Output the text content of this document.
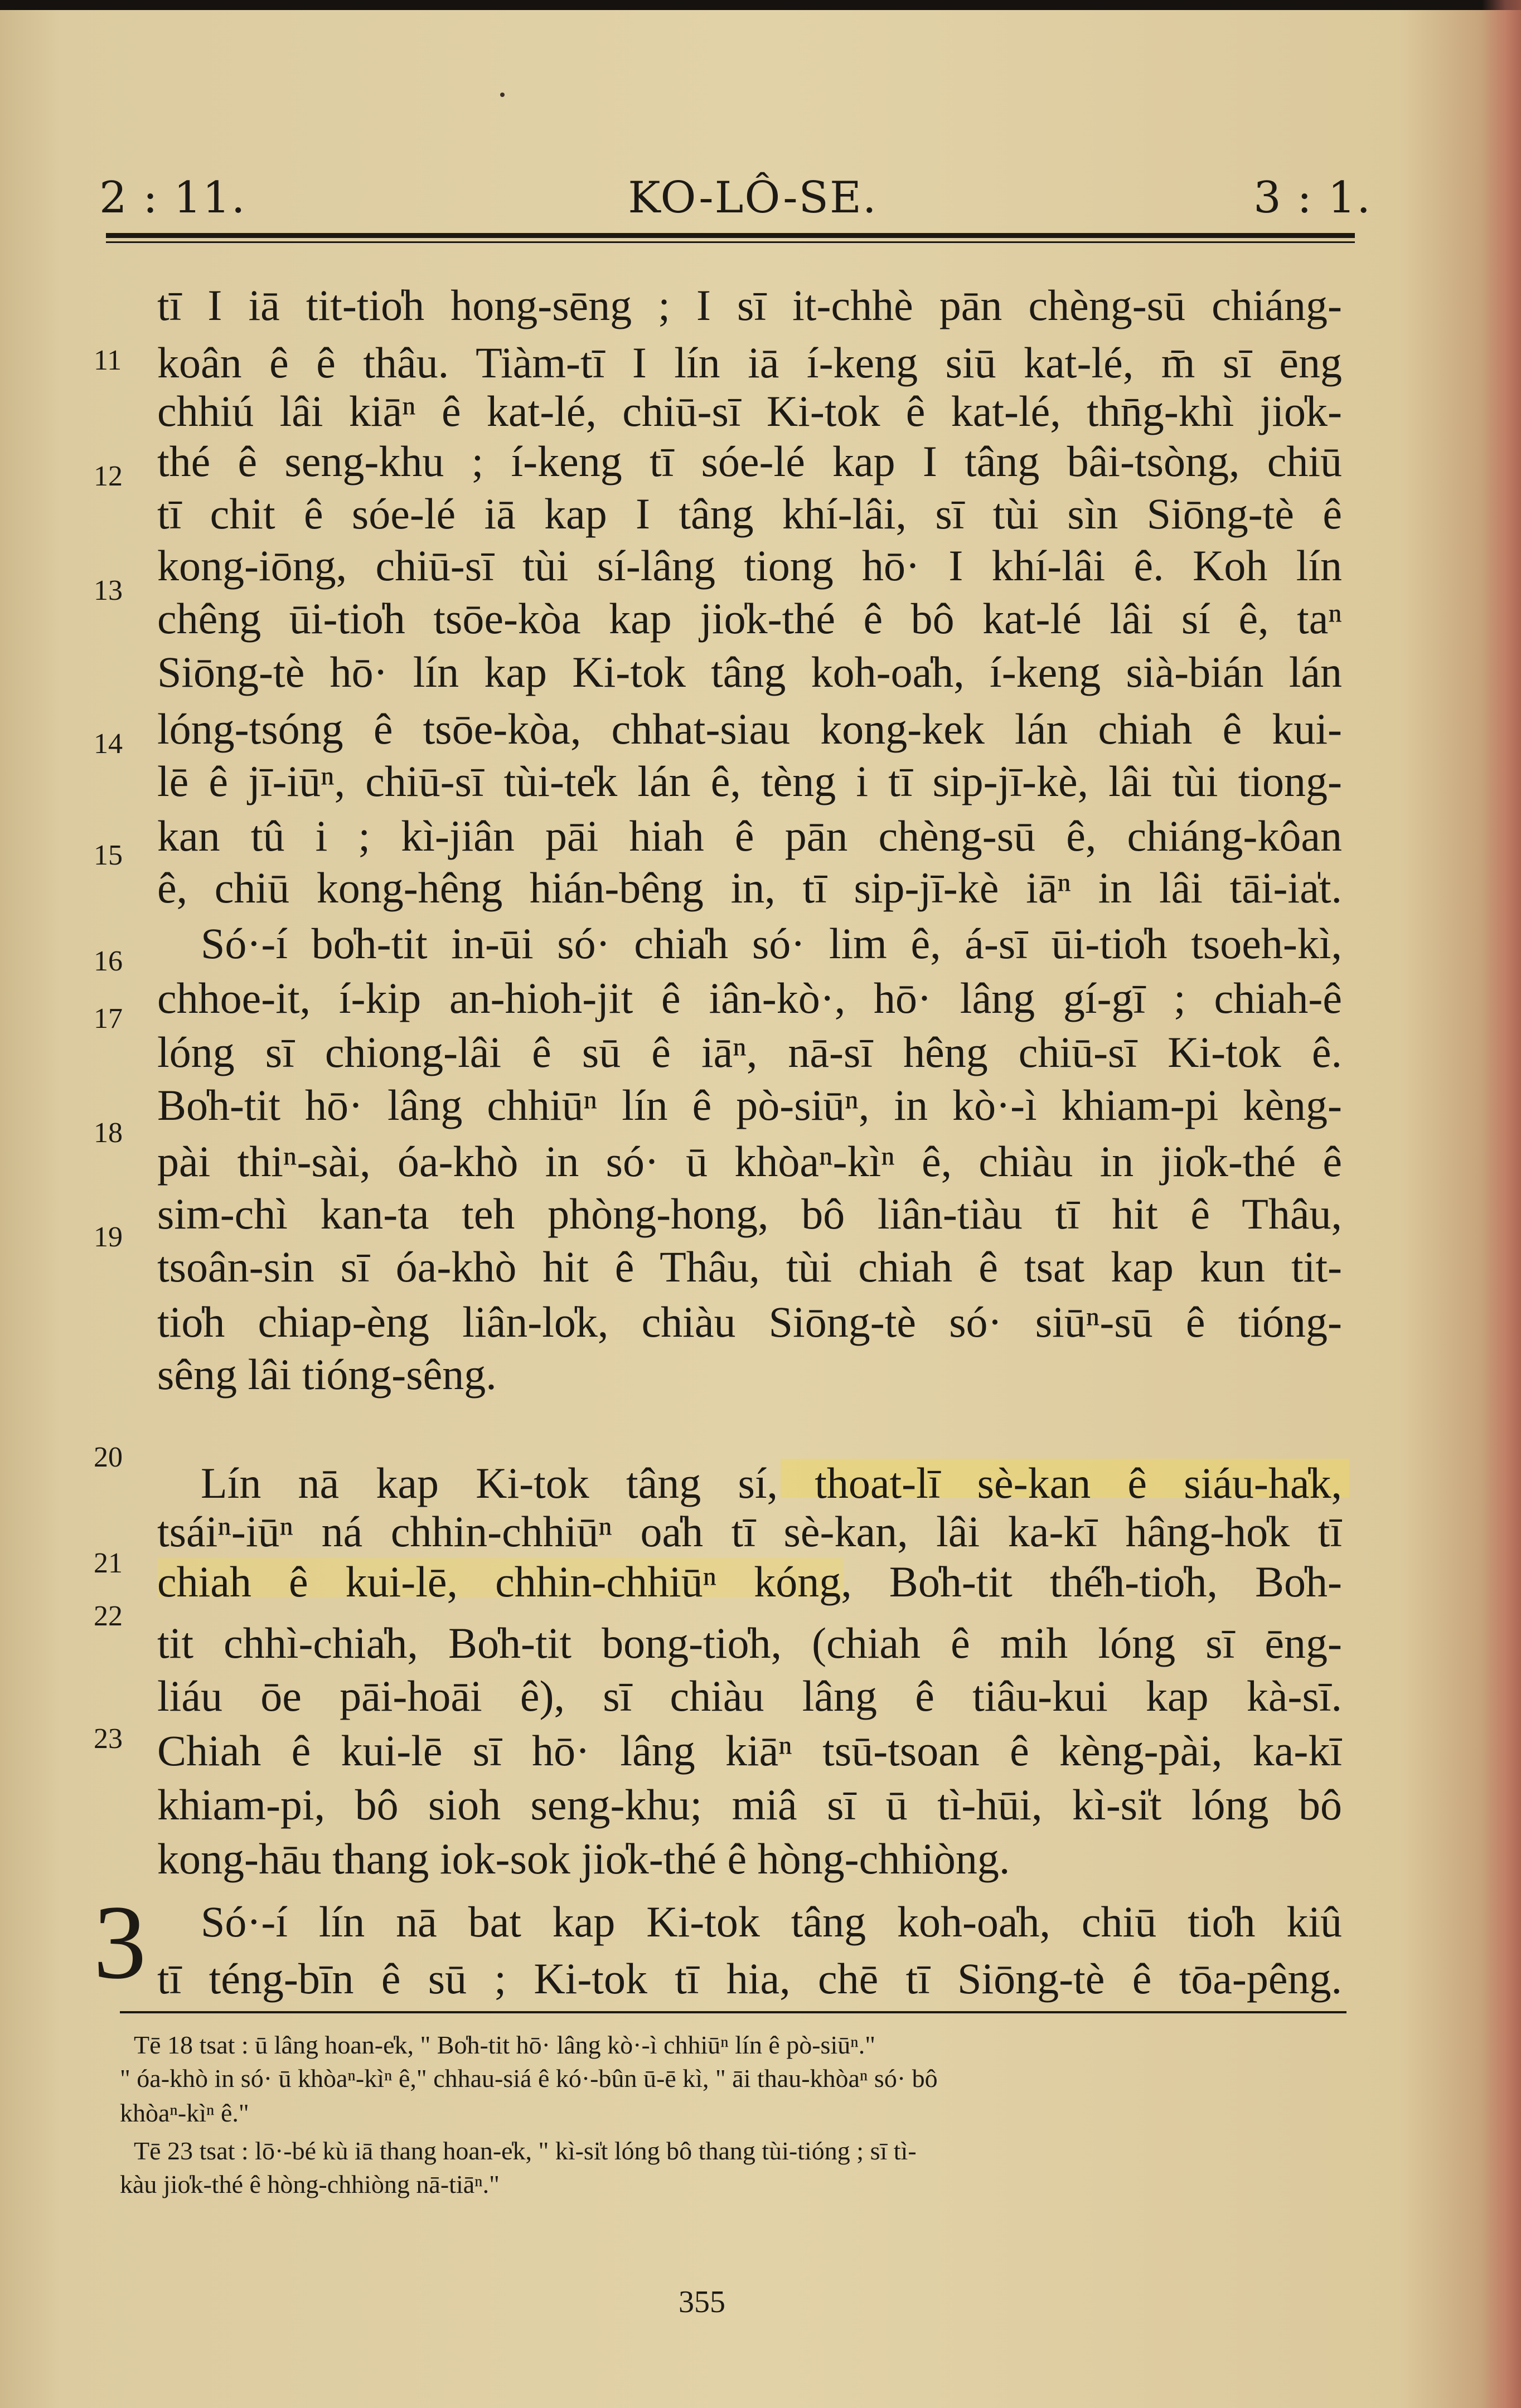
2 : 11.	KO-LÔ-SE.	3 : 1.
tī I iā tit-tio̍h hong-sēng ; I sī it-chhè pān chèng-sū chiáng-
koân ê ê thâu. Tiàm-tī I lín iā í-keng siū kat-lé, m̄ sī ēng
chhiú lâi kiāⁿ ê kat-lé, chiū-sī Ki-tok ê kat-lé, thn̄g-khì jio̍k-
thé ê seng-khu ; í-keng tī sóe-lé kap I tâng bâi-tsòng, chiū
tī chit ê sóe-lé iā kap I tâng khí-lâi, sī tùi sìn Siōng-tè ê
kong-iōng, chiū-sī tùi sí-lâng tiong hō· I khí-lâi ê. Koh lín
chêng ūi-tio̍h tsōe-kòa kap jio̍k-thé ê bô kat-lé lâi sí ê, taⁿ
Siōng-tè hō· lín kap Ki-tok tâng koh-oa̍h, í-keng sià-bián lán
lóng-tsóng ê tsōe-kòa, chhat-siau kong-kek lán chiah ê kui-
lē ê jī-iūⁿ, chiū-sī tùi-te̍k lán ê, tèng i tī sip-jī-kè, lâi tùi tiong-
kan tû i ; kì-jiân pāi hiah ê pān chèng-sū ê, chiáng-kôan
ê, chiū kong-hêng hián-bêng in, tī sip-jī-kè iāⁿ in lâi tāi-ia̍t.
Só·-í bo̍h-tit in-ūi só· chia̍h só· lim ê, á-sī ūi-tio̍h tsoeh-kì,
chhoe-it, í-kip an-hioh-jit ê iân-kò·, hō· lâng gí-gī ; chiah-ê
lóng sī chiong-lâi ê sū ê iāⁿ, nā-sī hêng chiū-sī Ki-tok ê.
Bo̍h-tit hō· lâng chhiūⁿ lín ê pò-siūⁿ, in kò·-ì khiam-pi kèng-
pài thiⁿ-sài, óa-khò in só· ū khòaⁿ-kìⁿ ê, chiàu in jio̍k-thé ê
sim-chì kan-ta teh phòng-hong, bô liân-tiàu tī hit ê Thâu,
tsoân-sin sī óa-khò hit ê Thâu, tùi chiah ê tsat kap kun tit-
tio̍h chiap-èng liân-lo̍k, chiàu Siōng-tè só· siūⁿ-sū ê tióng-
sêng lâi tióng-sêng.
Lín nā kap Ki-tok tâng sí, thoat-lī sè-kan ê siáu-ha̍k,
tsáiⁿ-iūⁿ ná chhin-chhiūⁿ oa̍h tī sè-kan, lâi ka-kī hâng-ho̍k tī
chiah ê kui-lē, chhin-chhiūⁿ kóng, Bo̍h-tit thé̍h-tio̍h, Bo̍h-
tit chhì-chia̍h, Bo̍h-tit bong-tio̍h, (chiah ê mih lóng sī ēng-
liáu ōe pāi-hoāi ê), sī chiàu lâng ê tiâu-kui kap kà-sī.
Chiah ê kui-lē sī hō· lâng kiāⁿ tsū-tsoan ê kèng-pài, ka-kī
khiam-pi, bô sioh seng-khu; miâ sī ū tì-hūi, kì-si̍t lóng bô
kong-hāu thang iok-sok jio̍k-thé ê hòng-chhiòng.
Só·-í lín nā bat kap Ki-tok tâng koh-oa̍h, chiū tio̍h kiû
tī téng-bīn ê sū ; Ki-tok tī hia, chē tī Siōng-tè ê tōa-pêng.
11
12
13
14
15
16
17
18
19
20
21
22
23
3
Tē 18 tsat : ū lâng hoan-e̍k, " Bo̍h-tit hō· lâng kò·-ì chhiūⁿ lín ê pò-siūⁿ."
" óa-khò in só· ū khòaⁿ-kìⁿ ê," chhau-siá ê kó·-bûn ū-ē kì, " āi thau-khòaⁿ só· bô
khòaⁿ-kìⁿ ê."
Tē 23 tsat : lō·-bé kù iā thang hoan-e̍k, " kì-si̍t lóng bô thang tùi-tióng ; sī tì-
kàu jio̍k-thé ê hòng-chhiòng nā-tiāⁿ."
355
